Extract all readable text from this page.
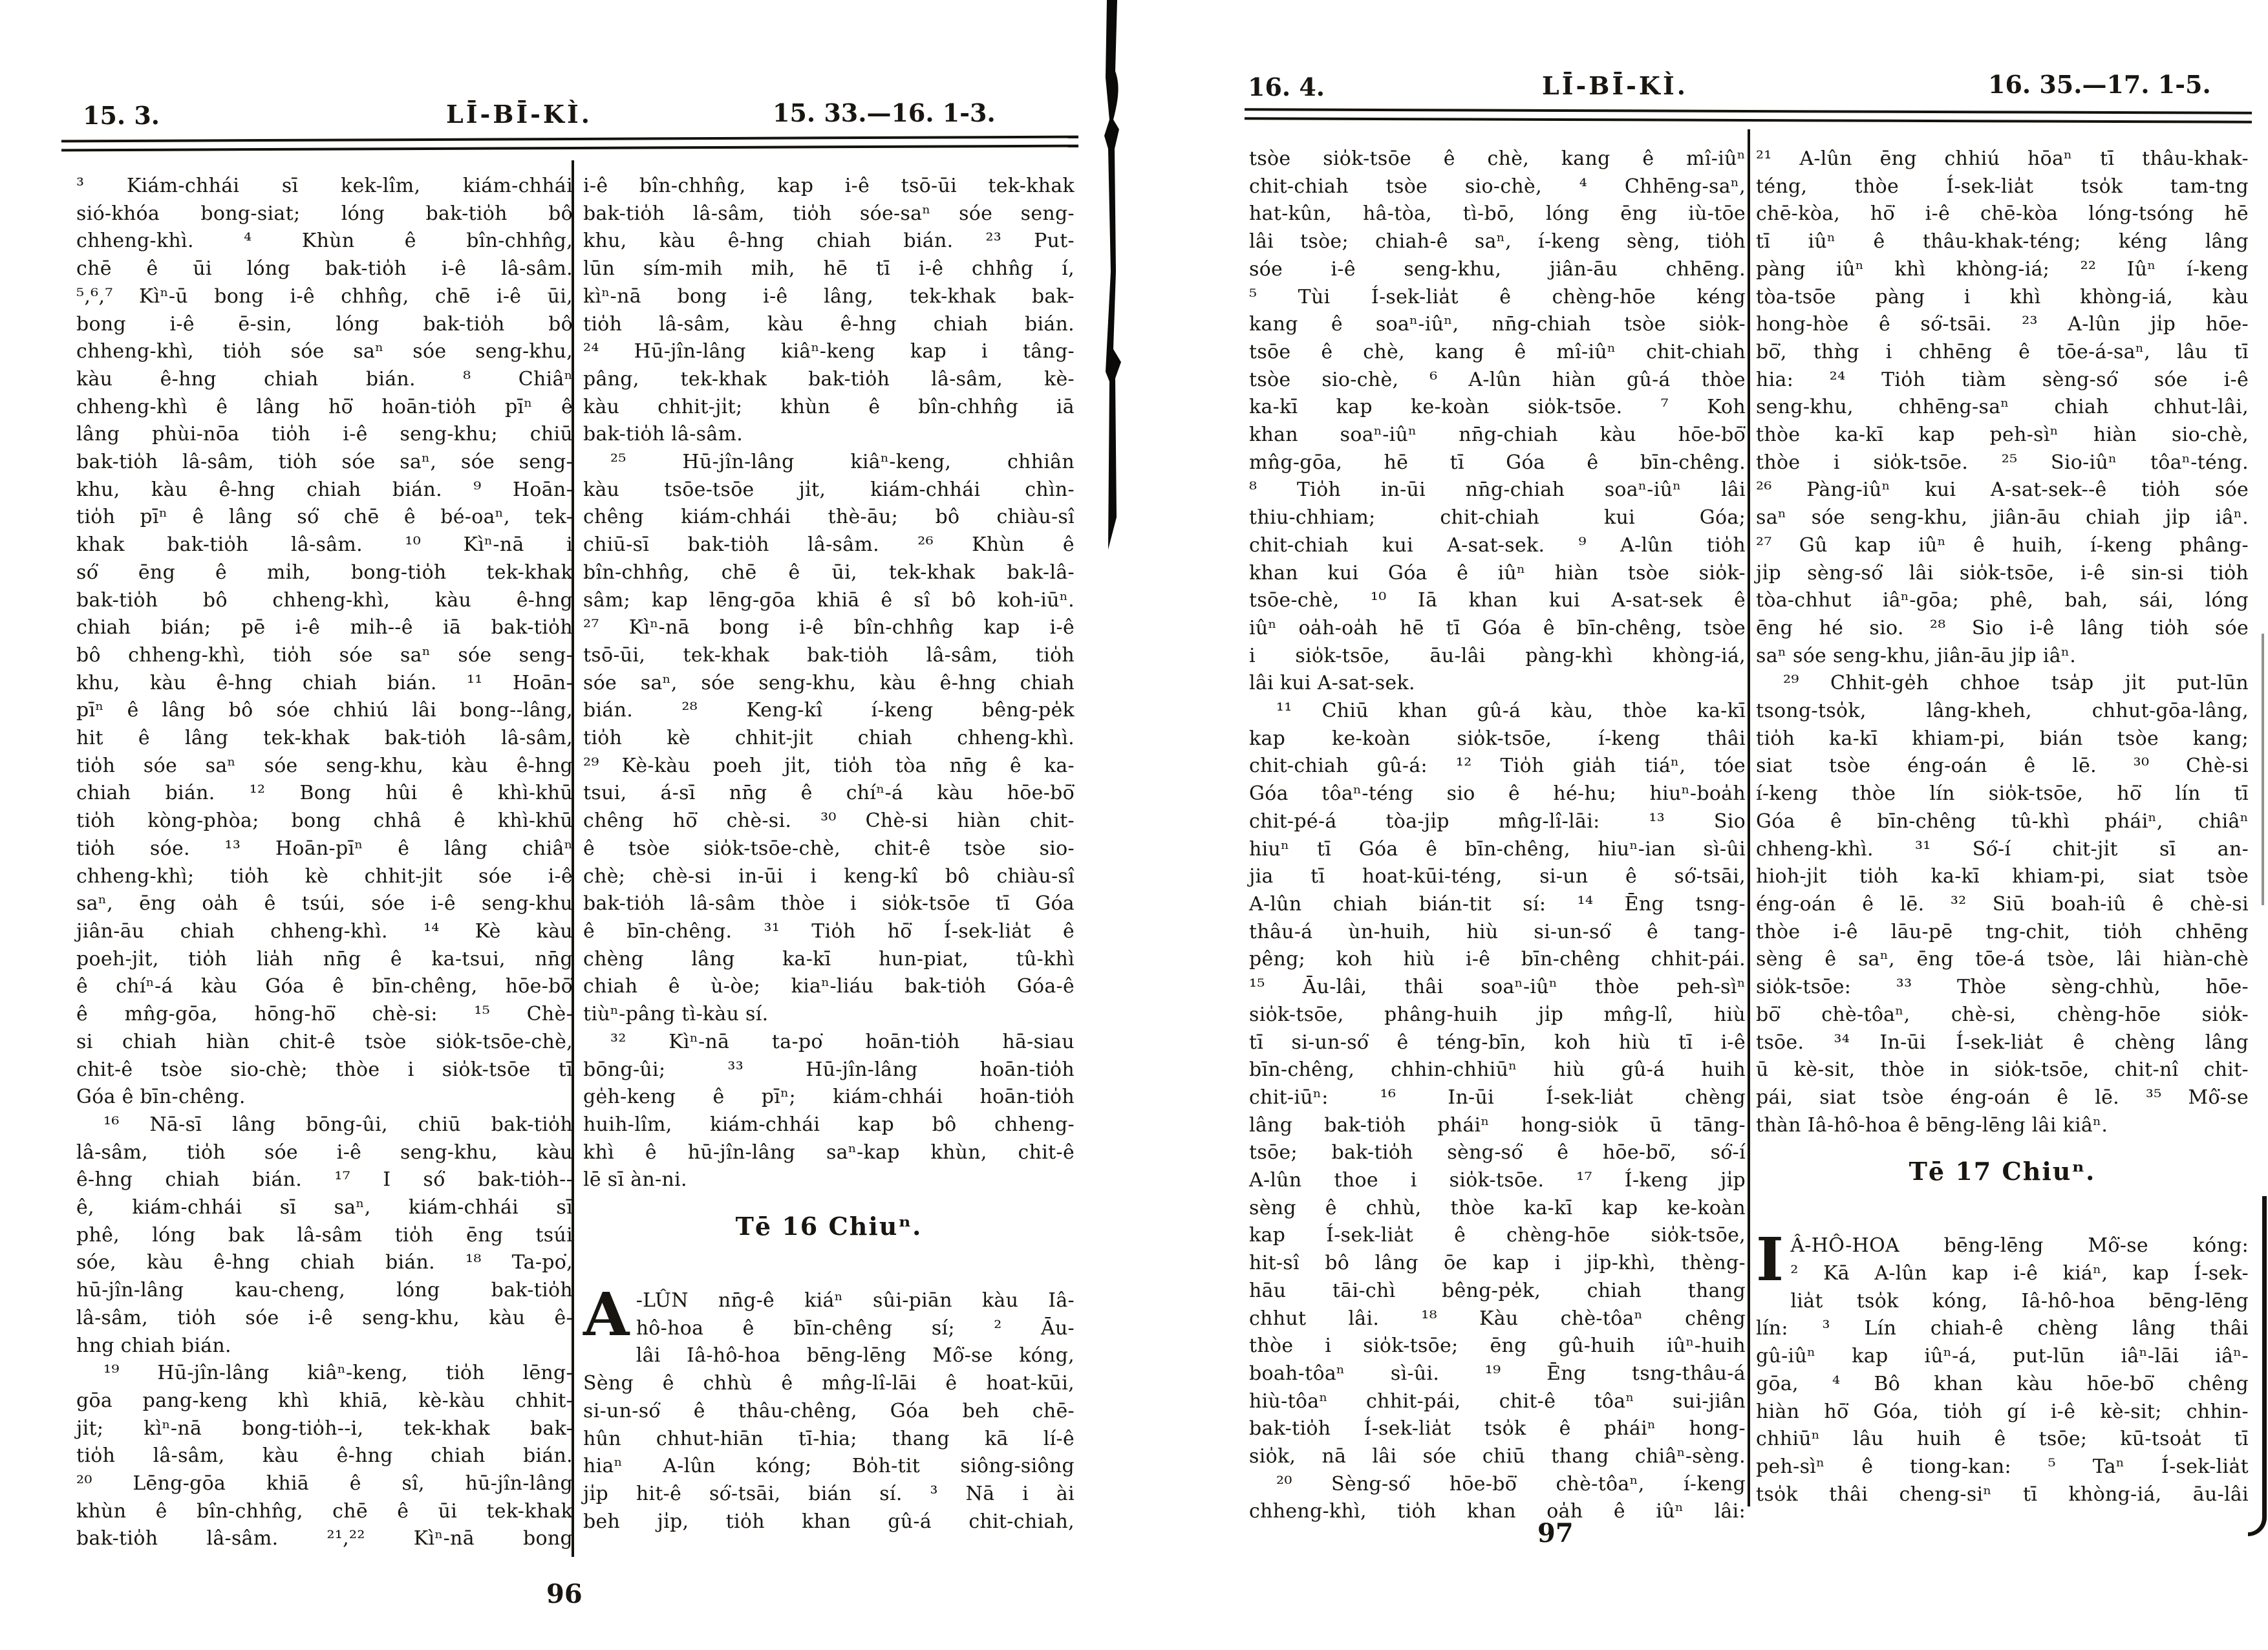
15. 3.	LĪ-BĪ-KÌ.	15. 33.—16. 1-3.
³ Kiám-chhái sī kek-lîm, kiám-chhái
sió-khóa bong-siat; lóng bak-tio̍h bô
chheng-khì. ⁴ Khùn ê bîn-chhn̂g,
chē ê ūi lóng bak-tio̍h i-ê lâ-sâm.
⁵,⁶,⁷ Kìⁿ-ū bong i-ê chhn̂g, chē i-ê ūi,
bong i-ê ē-sin, lóng bak-tio̍h bô
chheng-khì, tio̍h sóe saⁿ sóe seng-khu,
kàu ê-hng chiah bián. ⁸ Chiâⁿ
chheng-khì ê lâng hō͘ hoān-tio̍h pīⁿ ê
lâng phùi-nōa tio̍h i-ê seng-khu; chiū
bak-tio̍h lâ-sâm, tio̍h sóe saⁿ, sóe seng-
khu, kàu ê-hng chiah bián. ⁹ Hoān-
tio̍h pīⁿ ê lâng só͘ chē ê bé-oaⁿ, tek-
khak bak-tio̍h lâ-sâm. ¹⁰ Kìⁿ-nā i
só͘ ēng ê mi̍h, bong-tio̍h tek-khak
bak-tio̍h bô chheng-khì, kàu ê-hng
chiah bián; pē i-ê mi̍h--ê iā bak-tio̍h
bô chheng-khì, tio̍h sóe saⁿ sóe seng-
khu, kàu ê-hng chiah bián. ¹¹ Hoān-
pīⁿ ê lâng bô sóe chhiú lâi bong--lâng,
hit ê lâng tek-khak bak-tio̍h lâ-sâm,
tio̍h sóe saⁿ sóe seng-khu, kàu ê-hng
chiah bián. ¹² Bong hûi ê khì-khū
tio̍h kòng-phòa; bong chhâ ê khì-khū
tio̍h sóe. ¹³ Hoān-pīⁿ ê lâng chiâⁿ
chheng-khì; tio̍h kè chhit-ji̍t sóe i-ê
saⁿ, ēng oa̍h ê tsúi, sóe i-ê seng-khu
jiân-āu chiah chheng-khì. ¹⁴ Kè kàu
poeh-ji̍t, tio̍h lia̍h nn̄g ê ka-tsui, nn̄g
ê chíⁿ-á kàu Góa ê bīn-chêng, hōe-bō͘
ê mn̂g-gōa, hōng-hō͘ chè-si: ¹⁵ Chè-
si chiah hiàn chit-ê tsòe sio̍k-tsōe-chè,
chit-ê tsòe sio-chè; thòe i sio̍k-tsōe tī
Góa ê bīn-chêng.
¹⁶ Nā-sī lâng bōng-ûi, chiū bak-tio̍h
lâ-sâm, tio̍h sóe i-ê seng-khu, kàu
ê-hng chiah bián. ¹⁷ I só͘ bak-tio̍h--
ê, kiám-chhái sī saⁿ, kiám-chhái sī
phê, lóng bak lâ-sâm tio̍h ēng tsúi
sóe, kàu ê-hng chiah bián. ¹⁸ Ta-po͘,
hū-jîn-lâng kau-cheng, lóng bak-tio̍h
lâ-sâm, tio̍h sóe i-ê seng-khu, kàu ê-
hng chiah bián.
¹⁹ Hū-jîn-lâng kiâⁿ-keng, tio̍h lēng-
gōa pang-keng khì khiā, kè-kàu chhit-
ji̍t; kìⁿ-nā bong-tio̍h--i, tek-khak bak-
tio̍h lâ-sâm, kàu ê-hng chiah bián.
²⁰ Lēng-gōa khiā ê sî, hū-jîn-lâng
khùn ê bîn-chhn̂g, chē ê ūi tek-khak
bak-tio̍h lâ-sâm. ²¹,²² Kìⁿ-nā bong
i-ê bîn-chhn̂g, kap i-ê tsō-ūi tek-khak
bak-tio̍h lâ-sâm, tio̍h sóe-saⁿ sóe seng-
khu, kàu ê-hng chiah bián. ²³ Put-
lūn sím-mih mi̍h, hē tī i-ê chhn̂g í,
kìⁿ-nā bong i-ê lâng, tek-khak bak-
tio̍h lâ-sâm, kàu ê-hng chiah bián.
²⁴ Hū-jîn-lâng kiâⁿ-keng kap i tâng-
pâng, tek-khak bak-tio̍h lâ-sâm, kè-
kàu chhit-ji̍t; khùn ê bîn-chhn̂g iā
bak-tio̍h lâ-sâm.
²⁵ Hū-jîn-lâng kiâⁿ-keng, chhiân
kàu tsōe-tsōe ji̍t, kiám-chhái chìn-
chêng kiám-chhái thè-āu; bô chiàu-sî
chiū-sī bak-tio̍h lâ-sâm. ²⁶ Khùn ê
bîn-chhn̂g, chē ê ūi, tek-khak bak-lâ-
sâm; kap lēng-gōa khiā ê sî bô koh-iūⁿ.
²⁷ Kìⁿ-nā bong i-ê bîn-chhn̂g kap i-ê
tsō-ūi, tek-khak bak-tio̍h lâ-sâm, tio̍h
sóe saⁿ, sóe seng-khu, kàu ê-hng chiah
bián. ²⁸ Keng-kî í-keng bêng-pe̍k
tio̍h kè chhit-ji̍t chiah chheng-khì.
²⁹ Kè-kàu poeh ji̍t, tio̍h tòa nn̄g ê ka-
tsui, á-sī nn̄g ê chíⁿ-á kàu hōe-bō͘
chêng hō͘ chè-si. ³⁰ Chè-si hiàn chit-
ê tsòe sio̍k-tsōe-chè, chit-ê tsòe sio-
chè; chè-si in-ūi i keng-kî bô chiàu-sî
bak-tio̍h lâ-sâm thòe i sio̍k-tsōe tī Góa
ê bīn-chêng. ³¹ Tio̍h hō͘ Í-sek-lia̍t ê
chèng lâng ka-kī hun-piat, tû-khì
chiah ê ù-òe; kiaⁿ-liáu bak-tio̍h Góa-ê
tiùⁿ-pâng tì-kàu sí.
³² Kìⁿ-nā ta-po͘ hoān-tio̍h hā-siau
bōng-ûi; ³³ Hū-jîn-lâng hoān-tio̍h
ge̍h-keng ê pīⁿ; kiám-chhái hoān-tio̍h
huih-lîm, kiám-chhái kap bô chheng-
khì ê hū-jîn-lâng saⁿ-kap khùn, chit-ê
lē sī àn-ni.
Tē 16 Chiuⁿ.
A -LÛN nn̄g-ê kiáⁿ sûi-piān kàu Iâ-
hô-hoa ê bīn-chêng sí; ² Āu-
lâi Iâ-hô-hoa bēng-lēng Mô͘-se kóng,
Sèng ê chhù ê mn̂g-lî-lāi ê hoat-kūi,
si-un-só͘ ê thâu-chêng, Góa beh chē-
hûn chhut-hiān tī-hia; thang kā lí-ê
hiaⁿ A-lûn kóng; Bo̍h-tit siông-siông
ji̍p hit-ê só͘-tsāi, bián sí. ³ Nā i ài
beh ji̍p, tio̍h khan gû-á chit-chiah,
96
16. 4.	LĪ-BĪ-KÌ.	16. 35.—17. 1-5.
tsòe sio̍k-tsōe ê chè, kang ê mî-iûⁿ
chit-chiah tsòe sio-chè, ⁴ Chhēng-saⁿ,
hat-kûn, hâ-tòa, tì-bō, lóng ēng iù-tōe
lâi tsòe; chiah-ê saⁿ, í-keng sèng, tio̍h
sóe i-ê seng-khu, jiân-āu chhēng.
⁵ Tùi Í-sek-lia̍t ê chèng-hōe kéng
kang ê soaⁿ-iûⁿ, nn̄g-chiah tsòe sio̍k-
tsōe ê chè, kang ê mî-iûⁿ chit-chiah
tsòe sio-chè, ⁶ A-lûn hiàn gû-á thòe
ka-kī kap ke-koàn sio̍k-tsōe. ⁷ Koh
khan soaⁿ-iûⁿ nn̄g-chiah kàu hōe-bō͘
mn̂g-gōa, hē tī Góa ê bīn-chêng.
⁸ Tio̍h in-ūi nn̄g-chiah soaⁿ-iûⁿ lâi
thiu-chhiam; chit-chiah kui Góa;
chit-chiah kui A-sat-sek. ⁹ A-lûn tio̍h
khan kui Góa ê iûⁿ hiàn tsòe sio̍k-
tsōe-chè, ¹⁰ Iā khan kui A-sat-sek ê
iûⁿ oa̍h-oa̍h hē tī Góa ê bīn-chêng, tsòe
i sio̍k-tsōe, āu-lâi pàng-khì khòng-iá,
lâi kui A-sat-sek.
¹¹ Chiū khan gû-á kàu, thòe ka-kī
kap ke-koàn sio̍k-tsōe, í-keng thâi
chit-chiah gû-á: ¹² Tio̍h gia̍h tiáⁿ, tóe
Góa tôaⁿ-téng sio ê hé-hu; hiuⁿ-boa̍h
chit-pé-á tòa-ji̍p mn̂g-lî-lāi: ¹³ Sio
hiuⁿ tī Góa ê bīn-chêng, hiuⁿ-ian sì-ûi
jia tī hoat-kūi-téng, si-un ê só͘-tsāi,
A-lûn chiah bián-tit sí: ¹⁴ Ēng tsng-
thâu-á ùn-huih, hiù si-un-só͘ ê tang-
pêng; koh hiù i-ê bīn-chêng chhit-pái.
¹⁵ Āu-lâi, thâi soaⁿ-iûⁿ thòe peh-sìⁿ
sio̍k-tsōe, phâng-huih ji̍p mn̂g-lî, hiù
tī si-un-só͘ ê téng-bīn, koh hiù tī i-ê
bīn-chêng, chhin-chhiūⁿ hiù gû-á huih
chit-iūⁿ: ¹⁶ In-ūi Í-sek-lia̍t chèng
lâng bak-tio̍h pháiⁿ hong-sio̍k ū tāng-
tsōe; bak-tio̍h sèng-só͘ ê hōe-bō͘, só͘-í
A-lûn thoe i sio̍k-tsōe. ¹⁷ Í-keng ji̍p
sèng ê chhù, thòe ka-kī kap ke-koàn
kap Í-sek-lia̍t ê chèng-hōe sio̍k-tsōe,
hit-sî bô lâng ōe kap i ji̍p-khì, thèng-
hāu tāi-chì bêng-pe̍k, chiah thang
chhut lâi. ¹⁸ Kàu chè-tôaⁿ chêng
thòe i sio̍k-tsōe; ēng gû-huih iûⁿ-huih
boah-tôaⁿ sì-ûi. ¹⁹ Ēng tsng-thâu-á
hiù-tôaⁿ chhit-pái, chit-ê tôaⁿ sui-jiân
bak-tio̍h Í-sek-lia̍t tso̍k ê pháiⁿ hong-
sio̍k, nā lâi sóe chiū thang chiâⁿ-sèng.
²⁰ Sèng-só͘ hōe-bō͘ chè-tôaⁿ, í-keng
chheng-khì, tio̍h khan oa̍h ê iûⁿ lâi:
²¹ A-lûn ēng chhiú hōaⁿ tī thâu-khak-
téng, thòe Í-sek-lia̍t tso̍k tam-tng
chē-kòa, hō͘ i-ê chē-kòa lóng-tsóng hē
tī iûⁿ ê thâu-khak-téng; kéng lâng
pàng iûⁿ khì khòng-iá; ²² Iûⁿ í-keng
tòa-tsōe pàng i khì khòng-iá, kàu
hong-hòe ê só͘-tsāi. ²³ A-lûn ji̍p hōe-
bō͘, thǹg i chhēng ê tōe-á-saⁿ, lâu tī
hia: ²⁴ Tio̍h tiàm sèng-só͘ sóe i-ê
seng-khu, chhēng-saⁿ chiah chhut-lâi,
thòe ka-kī kap peh-sìⁿ hiàn sio-chè,
thòe i sio̍k-tsōe. ²⁵ Sio-iûⁿ tôaⁿ-téng.
²⁶ Pàng-iûⁿ kui A-sat-sek--ê tio̍h sóe
saⁿ sóe seng-khu, jiân-āu chiah ji̍p iâⁿ.
²⁷ Gû kap iûⁿ ê huih, í-keng phâng-
ji̍p sèng-só͘ lâi sio̍k-tsōe, i-ê sin-si tio̍h
tòa-chhut iâⁿ-gōa; phê, bah, sái, lóng
ēng hé sio. ²⁸ Sio i-ê lâng tio̍h sóe
saⁿ sóe seng-khu, jiân-āu ji̍p iâⁿ.
²⁹ Chhit-ge̍h chhoe tsa̍p ji̍t put-lūn
tsong-tso̍k, lâng-kheh, chhut-gōa-lâng,
tio̍h ka-kī khiam-pi, bián tsòe kang;
siat tsòe éng-oán ê lē. ³⁰ Chè-si
í-keng thòe lín sio̍k-tsōe, hō͘ lín tī
Góa ê bīn-chêng tû-khì pháiⁿ, chiâⁿ
chheng-khì. ³¹ Só͘-í chit-ji̍t sī an-
hioh-ji̍t tio̍h ka-kī khiam-pi, siat tsòe
éng-oán ê lē. ³² Siū boah-iû ê chè-si
thòe i-ê lāu-pē tng-chit, tio̍h chhēng
sèng ê saⁿ, ēng tōe-á tsòe, lâi hiàn-chè
sio̍k-tsōe: ³³ Thòe sèng-chhù, hōe-
bō͘ chè-tôaⁿ, chè-si, chèng-hōe sio̍k-
tsōe. ³⁴ In-ūi Í-sek-lia̍t ê chèng lâng
ū kè-sit, thòe in sio̍k-tsōe, chit-nî chit-
pái, siat tsòe éng-oán ê lē. ³⁵ Mô͘-se
thàn Iâ-hô-hoa ê bēng-lēng lâi kiâⁿ.
Tē 17 Chiuⁿ.
I Â-HÔ-HOA bēng-lēng Mô͘-se kóng:
² Kā A-lûn kap i-ê kiáⁿ, kap Í-sek-
lia̍t tso̍k kóng, Iâ-hô-hoa bēng-lēng
lín: ³ Lín chiah-ê chèng lâng thâi
gû-iûⁿ kap iûⁿ-á, put-lūn iâⁿ-lāi iâⁿ-
gōa, ⁴ Bô khan kàu hōe-bō͘ chêng
hiàn hō͘ Góa, tio̍h gí i-ê kè-sit; chhin-
chhiūⁿ lâu huih ê tsōe; kū-tsoa̍t tī
peh-sìⁿ ê tiong-kan: ⁵ Taⁿ Í-sek-lia̍t
tso̍k thâi cheng-siⁿ tī khòng-iá, āu-lâi
97
